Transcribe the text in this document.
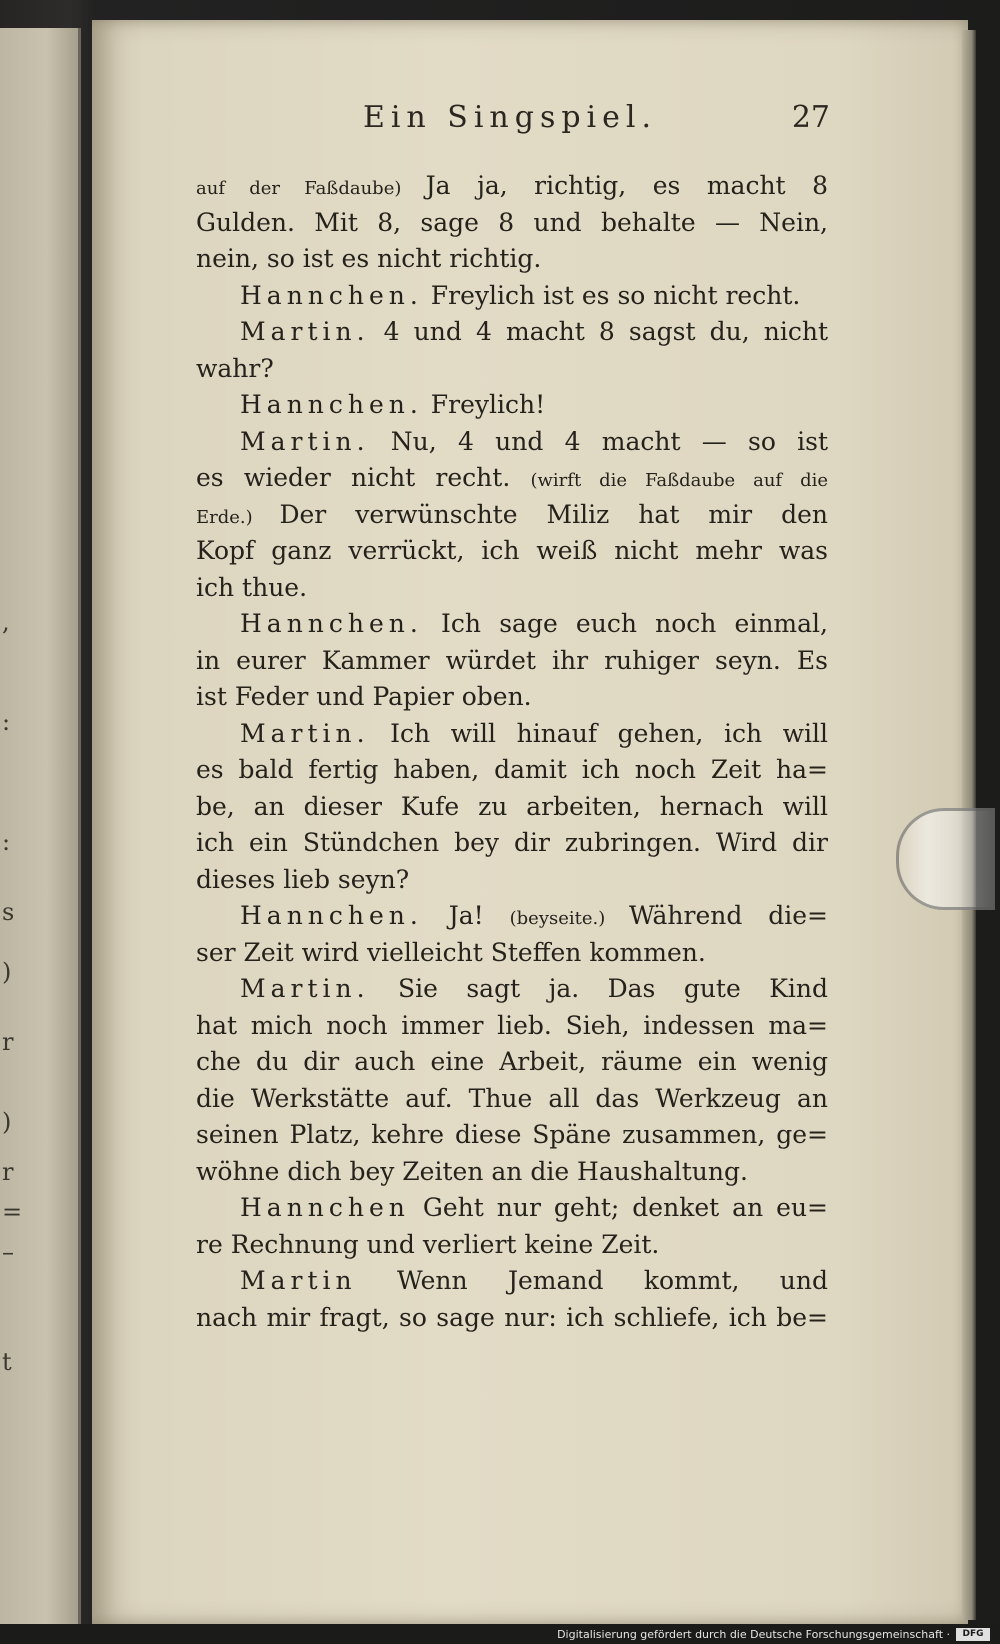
,
:
:
s
)
r
)
r
=
–
t
Ein Singspiel.	27
auf der Faßdaube) Ja ja, richtig, es macht 8
Gulden. Mit 8, sage 8 und behalte — Nein,
nein, so ist es nicht richtig.
Hannchen. Freylich ist es so nicht recht.
Martin. 4 und 4 macht 8 sagst du, nicht
wahr?
Hannchen. Freylich!
Martin. Nu, 4 und 4 macht — so ist
es wieder nicht recht. (wirft die Faßdaube auf die
Erde.) Der verwünschte Miliz hat mir den
Kopf ganz verrückt, ich weiß nicht mehr was
ich thue.
Hannchen. Ich sage euch noch einmal,
in eurer Kammer würdet ihr ruhiger seyn. Es
ist Feder und Papier oben.
Martin. Ich will hinauf gehen, ich will
es bald fertig haben, damit ich noch Zeit ha=
be, an dieser Kufe zu arbeiten, hernach will
ich ein Stündchen bey dir zubringen. Wird dir
dieses lieb seyn?
Hannchen. Ja! (beyseite.) Während die=
ser Zeit wird vielleicht Steffen kommen.
Martin. Sie sagt ja. Das gute Kind
hat mich noch immer lieb. Sieh, indessen ma=
che du dir auch eine Arbeit, räume ein wenig
die Werkstätte auf. Thue all das Werkzeug an
seinen Platz, kehre diese Späne zusammen, ge=
wöhne dich bey Zeiten an die Haushaltung.
Hannchen Geht nur geht; denket an eu=
re Rechnung und verliert keine Zeit.
Martin Wenn Jemand kommt, und
nach mir fragt, so sage nur: ich schliefe, ich be=
Digitalisierung gefördert durch die Deutsche Forschungsgemeinschaft ·	DFG
